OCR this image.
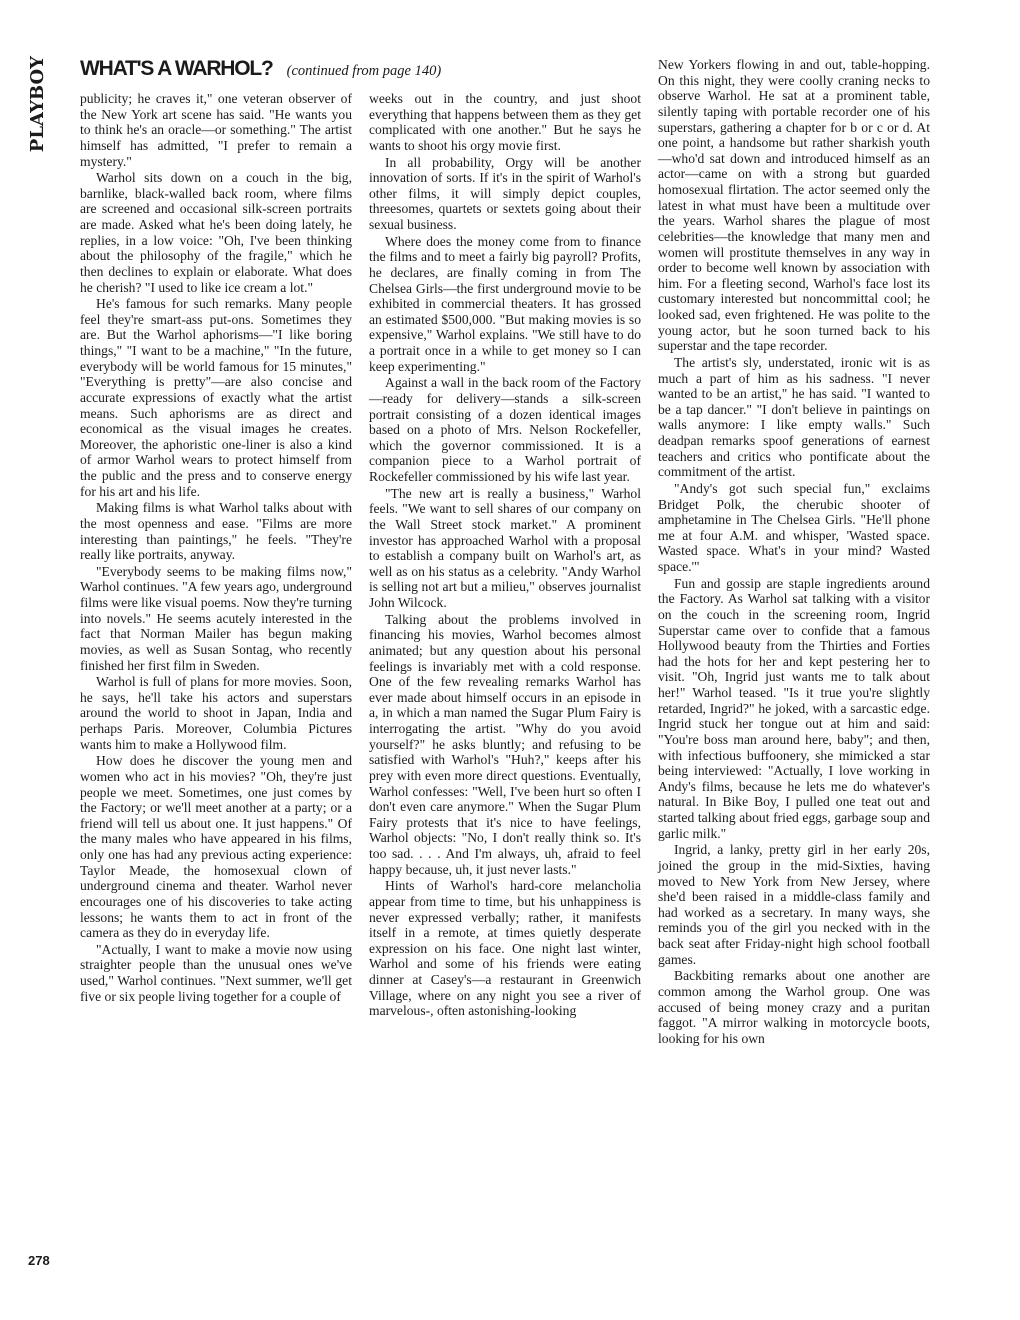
PLAYBOY WHAT'S A WARHOL? (continued from page 140)

publicity; he craves it," one veteran observer of the New York art scene has said. "He wants you to think he's an oracle—or something." The artist himself has admitted, "I prefer to remain a mystery."

Warhol sits down on a couch in the big, barnlike, black-walled back room, where films are screened and occasional silk-screen portraits are made. Asked what he's been doing lately, he replies, in a low voice: "Oh, I've been thinking about the philosophy of the fragile," which he then declines to explain or elaborate. What does he cherish? "I used to like ice cream a lot."

He's famous for such remarks. Many people feel they're smart-ass put-ons. Sometimes they are. But the Warhol aphorisms—"I like boring things," "I want to be a machine," "In the future, everybody will be world famous for 15 minutes," "Everything is pretty"—are also concise and accurate expressions of exactly what the artist means. Such aphorisms are as direct and economical as the visual images he creates. Moreover, the aphoristic one-liner is also a kind of armor Warhol wears to protect himself from the public and the press and to conserve energy for his art and his life.

Making films is what Warhol talks about with the most openness and ease. "Films are more interesting than paintings," he feels. "They're really like portraits, anyway.

"Everybody seems to be making films now," Warhol continues. "A few years ago, underground films were like visual poems. Now they're turning into novels." He seems acutely interested in the fact that Norman Mailer has begun making movies, as well as Susan Sontag, who recently finished her first film in Sweden.

Warhol is full of plans for more movies. Soon, he says, he'll take his actors and superstars around the world to shoot in Japan, India and perhaps Paris. Moreover, Columbia Pictures wants him to make a Hollywood film.

How does he discover the young men and women who act in his movies? "Oh, they're just people we meet. Sometimes, one just comes by the Factory; or we'll meet another at a party; or a friend will tell us about one. It just happens." Of the many males who have appeared in his films, only one has had any previous acting experience: Taylor Meade, the homosexual clown of underground cinema and theater. Warhol never encourages one of his discoveries to take acting lessons; he wants them to act in front of the camera as they do in everyday life.

"Actually, I want to make a movie now using straighter people than the unusual ones we've used," Warhol continues. "Next summer, we'll get five or six people living together for a couple of

weeks out in the country, and just shoot everything that happens between them as they get complicated with one another." But he says he wants to shoot his orgy movie first.

In all probability, Orgy will be another innovation of sorts. If it's in the spirit of Warhol's other films, it will simply depict couples, threesomes, quartets or sextets going about their sexual business.

Where does the money come from to finance the films and to meet a fairly big payroll? Profits, he declares, are finally coming in from The Chelsea Girls—the first underground movie to be exhibited in commercial theaters. It has grossed an estimated $500,000. "But making movies is so expensive," Warhol explains. "We still have to do a portrait once in a while to get money so I can keep experimenting."

Against a wall in the back room of the Factory—ready for delivery—stands a silk-screen portrait consisting of a dozen identical images based on a photo of Mrs. Nelson Rockefeller, which the governor commissioned. It is a companion piece to a Warhol portrait of Rockefeller commissioned by his wife last year.

"The new art is really a business," Warhol feels. "We want to sell shares of our company on the Wall Street stock market." A prominent investor has approached Warhol with a proposal to establish a company built on Warhol's art, as well as on his status as a celebrity. "Andy Warhol is selling not art but a milieu," observes journalist John Wilcock.

Talking about the problems involved in financing his movies, Warhol becomes almost animated; but any question about his personal feelings is invariably met with a cold response. One of the few revealing remarks Warhol has ever made about himself occurs in an episode in a, in which a man named the Sugar Plum Fairy is interrogating the artist. "Why do you avoid yourself?" he asks bluntly; and refusing to be satisfied with Warhol's "Huh?," keeps after his prey with even more direct questions. Eventually, Warhol confesses: "Well, I've been hurt so often I don't even care anymore." When the Sugar Plum Fairy protests that it's nice to have feelings, Warhol objects: "No, I don't really think so. It's too sad. . . . And I'm always, uh, afraid to feel happy because, uh, it just never lasts."

Hints of Warhol's hard-core melancholia appear from time to time, but his unhappiness is never expressed verbally; rather, it manifests itself in a remote, at times quietly desperate expression on his face. One night last winter, Warhol and some of his friends were eating dinner at Casey's—a restaurant in Greenwich Village, where on any night you see a river of marvelous-, often astonishing-looking

New Yorkers flowing in and out, table-hopping. On this night, they were coolly craning necks to observe Warhol. He sat at a prominent table, silently taping with portable recorder one of his superstars, gathering a chapter for b or c or d. At one point, a handsome but rather sharkish youth—who'd sat down and introduced himself as an actor—came on with a strong but guarded homosexual flirtation. The actor seemed only the latest in what must have been a multitude over the years. Warhol shares the plague of most celebrities—the knowledge that many men and women will prostitute themselves in any way in order to become well known by association with him. For a fleeting second, Warhol's face lost its customary interested but noncommittal cool; he looked sad, even frightened. He was polite to the young actor, but he soon turned back to his superstar and the tape recorder.

The artist's sly, understated, ironic wit is as much a part of him as his sadness. "I never wanted to be an artist," he has said. "I wanted to be a tap dancer." "I don't believe in paintings on walls anymore: I like empty walls." Such deadpan remarks spoof generations of earnest teachers and critics who pontificate about the commitment of the artist.

"Andy's got such special fun," exclaims Bridget Polk, the cherubic shooter of amphetamine in The Chelsea Girls. "He'll phone me at four A.M. and whisper, 'Wasted space. Wasted space. What's in your mind? Wasted space.'"

Fun and gossip are staple ingredients around the Factory. As Warhol sat talking with a visitor on the couch in the screening room, Ingrid Superstar came over to confide that a famous Hollywood beauty from the Thirties and Forties had the hots for her and kept pestering her to visit. "Oh, Ingrid just wants me to talk about her!" Warhol teased. "Is it true you're slightly retarded, Ingrid?" he joked, with a sarcastic edge. Ingrid stuck her tongue out at him and said: "You're boss man around here, baby"; and then, with infectious buffoonery, she mimicked a star being interviewed: "Actually, I love working in Andy's films, because he lets me do whatever's natural. In Bike Boy, I pulled one teat out and started talking about fried eggs, garbage soup and garlic milk."

Ingrid, a lanky, pretty girl in her early 20s, joined the group in the mid-Sixties, having moved to New York from New Jersey, where she'd been raised in a middle-class family and had worked as a secretary. In many ways, she reminds you of the girl you necked with in the back seat after Friday-night high school football games.

Backbiting remarks about one another are common among the Warhol group. One was accused of being money crazy and a puritan faggot. "A mirror walking in motorcycle boots, looking for his own

278
